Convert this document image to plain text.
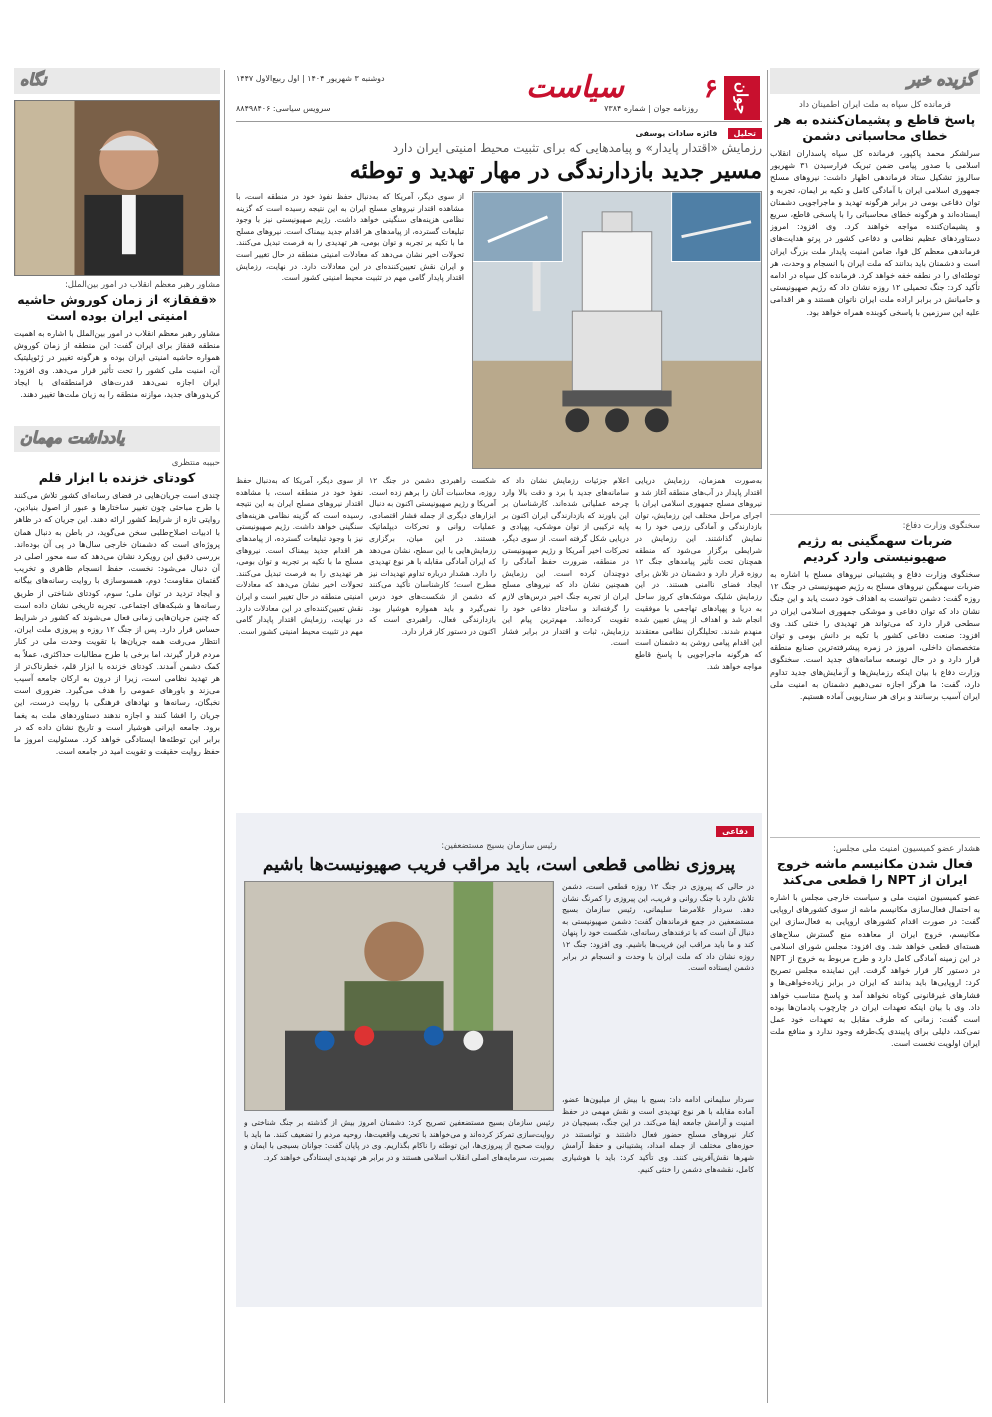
گزیده خبر
فرمانده کل سپاه به ملت ایران اطمینان داد
پاسخ قاطع و پشیمان‌کننده به هر خطای محاسباتی دشمن
سرلشکر محمد پاکپور، فرمانده کل سپاه پاسداران انقلاب اسلامی با صدور پیامی ضمن تبریک فرارسیدن ۳۱ شهریور سالروز تشکیل ستاد فرماندهی اظهار داشت: نیروهای مسلح جمهوری اسلامی ایران با آمادگی کامل و تکیه بر ایمان، تجربه و توان دفاعی بومی در برابر هرگونه تهدید و ماجراجویی دشمنان ایستاده‌اند و هرگونه خطای محاسباتی را با پاسخی قاطع، سریع و پشیمان‌کننده مواجه خواهند کرد. وی افزود: امروز دستاوردهای عظیم نظامی و دفاعی کشور در پرتو هدایت‌های فرماندهی معظم کل قوا، ضامن امنیت پایدار ملت بزرگ ایران است و دشمنان باید بدانند که ملت ایران با انسجام و وحدت، هر توطئه‌ای را در نطفه خفه خواهد کرد. فرمانده کل سپاه در ادامه تأکید کرد: جنگ تحمیلی ۱۲ روزه نشان داد که رژیم صهیونیستی و حامیانش در برابر اراده ملت ایران ناتوان هستند و هر اقدامی علیه این سرزمین با پاسخی کوبنده همراه خواهد بود.
سخنگوی وزارت دفاع:
ضربات سهمگینی به رژیم صهیونیستی وارد کردیم
سخنگوی وزارت دفاع و پشتیبانی نیروهای مسلح با اشاره به ضربات سهمگین نیروهای مسلح به رژیم صهیونیستی در جنگ ۱۲ روزه گفت: دشمن نتوانست به اهداف خود دست یابد و این جنگ نشان داد که توان دفاعی و موشکی جمهوری اسلامی ایران در سطحی قرار دارد که می‌تواند هر تهدیدی را خنثی کند. وی افزود: صنعت دفاعی کشور با تکیه بر دانش بومی و توان متخصصان داخلی، امروز در زمره پیشرفته‌ترین صنایع منطقه قرار دارد و در حال توسعه سامانه‌های جدید است. سخنگوی وزارت دفاع با بیان اینکه رزمایش‌ها و آزمایش‌های جدید تداوم دارد، گفت: ما هرگز اجازه نمی‌دهیم دشمنان به امنیت ملی ایران آسیب برسانند و برای هر سناریویی آماده هستیم.
هشدار عضو کمیسیون امنیت ملی مجلس:
فعال شدن مکانیسم ماشه خروج ایران از NPT را قطعی می‌کند
عضو کمیسیون امنیت ملی و سیاست خارجی مجلس با اشاره به احتمال فعال‌سازی مکانیسم ماشه از سوی کشورهای اروپایی گفت: در صورت اقدام کشورهای اروپایی به فعال‌سازی این مکانیسم، خروج ایران از معاهده منع گسترش سلاح‌های هسته‌ای قطعی خواهد شد. وی افزود: مجلس شورای اسلامی در این زمینه آمادگی کامل دارد و طرح مربوط به خروج از NPT در دستور کار قرار خواهد گرفت. این نماینده مجلس تصریح کرد: اروپایی‌ها باید بدانند که ایران در برابر زیاده‌خواهی‌ها و فشارهای غیرقانونی کوتاه نخواهد آمد و پاسخ متناسب خواهد داد. وی با بیان اینکه تعهدات ایران در چارچوب پادمان‌ها بوده است گفت: زمانی که طرف مقابل به تعهدات خود عمل نمی‌کند، دلیلی برای پایبندی یک‌طرفه وجود ندارد و منافع ملت ایران اولویت نخست است.
جوان
۶
روزنامه جوان | شماره ۷۳۸۴
سیاست
دوشنبه ۳ شهریور ۱۴۰۴ | اول ربیع‌الاول ۱۴۴۷
سرویس سیاسی: ۸۸۴۹۸۴۰۶
تحلیل
فائزه سادات یوسفی
رزمایش «اقتدار پایدار» و پیامدهایی که برای تثبیت محیط امنیتی ایران دارد
مسیر جدید بازدارندگی در مهار تهدید و توطئه
از سوی دیگر، آمریکا که به‌دنبال حفظ نفوذ خود در منطقه است، با مشاهده اقتدار نیروهای مسلح ایران به این نتیجه رسیده است که گزینه نظامی هزینه‌های سنگینی خواهد داشت. رژیم صهیونیستی نیز با وجود تبلیغات گسترده، از پیامدهای هر اقدام جدید بیمناک است. نیروهای مسلح ما با تکیه بر تجربه و توان بومی، هر تهدیدی را به فرصت تبدیل می‌کنند. تحولات اخیر نشان می‌دهد که معادلات امنیتی منطقه در حال تغییر است و ایران نقش تعیین‌کننده‌ای در این معادلات دارد. در نهایت، رزمایش اقتدار پایدار گامی مهم در تثبیت محیط امنیتی کشور است.
به‌صورت همزمان، رزمایش دریایی اقتدار پایدار در آب‌های منطقه آغاز شد و نیروهای مسلح جمهوری اسلامی ایران با اجرای مراحل مختلف این رزمایش، توان بازدارندگی و آمادگی رزمی خود را به نمایش گذاشتند. این رزمایش در شرایطی برگزار می‌شود که منطقه همچنان تحت تأثیر پیامدهای جنگ ۱۲ روزه قرار دارد و دشمنان در تلاش برای ایجاد فضای ناامنی هستند. در این رزمایش شلیک موشک‌های کروز ساحل به دریا و پهپادهای تهاجمی با موفقیت انجام شد و اهداف از پیش تعیین شده منهدم شدند. تحلیلگران نظامی معتقدند این اقدام پیامی روشن به دشمنان است که هرگونه ماجراجویی با پاسخ قاطع مواجه خواهد شد.
اعلام جزئیات رزمایش نشان داد که سامانه‌های جدید با برد و دقت بالا وارد چرخه عملیاتی شده‌اند. کارشناسان بر این باورند که بازدارندگی ایران اکنون بر پایه ترکیبی از توان موشکی، پهپادی و دریایی شکل گرفته است. از سوی دیگر، تحرکات اخیر آمریکا و رژیم صهیونیستی در منطقه، ضرورت حفظ آمادگی را دوچندان کرده است. این رزمایش همچنین نشان داد که نیروهای مسلح ایران از تجربه جنگ اخیر درس‌های لازم را گرفته‌اند و ساختار دفاعی خود را تقویت کرده‌اند. مهم‌ترین پیام این رزمایش، ثبات و اقتدار در برابر فشار است.
شکست راهبردی دشمن در جنگ ۱۲ روزه، محاسبات آنان را برهم زده است. آمریکا و رژیم صهیونیستی اکنون به دنبال ابزارهای دیگری از جمله فشار اقتصادی، عملیات روانی و تحرکات دیپلماتیک هستند. در این میان، برگزاری رزمایش‌هایی با این سطح، نشان می‌دهد که ایران آمادگی مقابله با هر نوع تهدیدی را دارد. هشدار درباره تداوم تهدیدات نیز مطرح است؛ کارشناسان تأکید می‌کنند که دشمن از شکست‌های خود درس نمی‌گیرد و باید همواره هوشیار بود. بازدارندگی فعال، راهبردی است که اکنون در دستور کار قرار دارد.
از سوی دیگر، آمریکا که به‌دنبال حفظ نفوذ خود در منطقه است، با مشاهده اقتدار نیروهای مسلح ایران به این نتیجه رسیده است که گزینه نظامی هزینه‌های سنگینی خواهد داشت. رژیم صهیونیستی نیز با وجود تبلیغات گسترده، از پیامدهای هر اقدام جدید بیمناک است. نیروهای مسلح ما با تکیه بر تجربه و توان بومی، هر تهدیدی را به فرصت تبدیل می‌کنند. تحولات اخیر نشان می‌دهد که معادلات امنیتی منطقه در حال تغییر است و ایران نقش تعیین‌کننده‌ای در این معادلات دارد. در نهایت، رزمایش اقتدار پایدار گامی مهم در تثبیت محیط امنیتی کشور است.
دفاعی
رئیس سازمان بسیج مستضعفین:
پیروزی نظامی قطعی است، باید مراقب فریب صهیونیست‌ها باشیم
در حالی که پیروزی در جنگ ۱۲ روزه قطعی است، دشمن تلاش دارد با جنگ روانی و فریب، این پیروزی را کمرنگ نشان دهد. سردار غلامرضا سلیمانی، رئیس سازمان بسیج مستضعفین در جمع فرماندهان گفت: دشمن صهیونیستی به دنبال آن است که با ترفندهای رسانه‌ای، شکست خود را پنهان کند و ما باید مراقب این فریب‌ها باشیم. وی افزود: جنگ ۱۲ روزه نشان داد که ملت ایران با وحدت و انسجام در برابر دشمن ایستاده است.
سردار سلیمانی ادامه داد: بسیج با بیش از میلیون‌ها عضو، آماده مقابله با هر نوع تهدیدی است و نقش مهمی در حفظ امنیت و آرامش جامعه ایفا می‌کند. در این جنگ، بسیجیان در کنار نیروهای مسلح حضور فعال داشتند و توانستند در حوزه‌های مختلف از جمله امداد، پشتیبانی و حفظ آرامش شهرها نقش‌آفرینی کنند. وی تأکید کرد: باید با هوشیاری کامل، نقشه‌های دشمن را خنثی کنیم.
رئیس سازمان بسیج مستضعفین تصریح کرد: دشمنان امروز بیش از گذشته بر جنگ شناختی و روایت‌سازی تمرکز کرده‌اند و می‌خواهند با تحریف واقعیت‌ها، روحیه مردم را تضعیف کنند. ما باید با روایت صحیح از پیروزی‌ها، این توطئه را ناکام بگذاریم. وی در پایان گفت: جوانان بسیجی با ایمان و بصیرت، سرمایه‌های اصلی انقلاب اسلامی هستند و در برابر هر تهدیدی ایستادگی خواهند کرد.
نگاه
مشاور رهبر معظم انقلاب در امور بین‌الملل:
«قفقاز» از زمان کوروش حاشیه امنیتی ایران بوده است
مشاور رهبر معظم انقلاب در امور بین‌الملل با اشاره به اهمیت منطقه قفقاز برای ایران گفت: این منطقه از زمان کوروش همواره حاشیه امنیتی ایران بوده و هرگونه تغییر در ژئوپلیتیک آن، امنیت ملی کشور را تحت تأثیر قرار می‌دهد. وی افزود: ایران اجازه نمی‌دهد قدرت‌های فرامنطقه‌ای با ایجاد کریدورهای جدید، موازنه منطقه را به زیان ملت‌ها تغییر دهند.
یادداشت مهمان
حبیبه منتظری
کودتای خزنده با ابزار قلم
چندی است جریان‌هایی در فضای رسانه‌ای کشور تلاش می‌کنند با طرح مباحثی چون تغییر ساختارها و عبور از اصول بنیادین، روایتی تازه از شرایط کشور ارائه دهند. این جریان که در ظاهر با ادبیات اصلاح‌طلبی سخن می‌گوید، در باطن به دنبال همان پروژه‌ای است که دشمنان خارجی سال‌ها در پی آن بوده‌اند. بررسی دقیق این رویکرد نشان می‌دهد که سه محور اصلی در آن دنبال می‌شود: نخست، حفظ انسجام ظاهری و تخریب گفتمان مقاومت؛ دوم، همسوسازی با روایت رسانه‌های بیگانه و ایجاد تردید در توان ملی؛ سوم، کودتای شناختی از طریق رسانه‌ها و شبکه‌های اجتماعی. تجربه تاریخی نشان داده است که چنین جریان‌هایی زمانی فعال می‌شوند که کشور در شرایط حساس قرار دارد. پس از جنگ ۱۲ روزه و پیروزی ملت ایران، انتظار می‌رفت همه جریان‌ها با تقویت وحدت ملی در کنار مردم قرار گیرند، اما برخی با طرح مطالبات حداکثری، عملاً به کمک دشمن آمدند. کودتای خزنده با ابزار قلم، خطرناک‌تر از هر تهدید نظامی است، زیرا از درون به ارکان جامعه آسیب می‌زند و باورهای عمومی را هدف می‌گیرد. ضروری است نخبگان، رسانه‌ها و نهادهای فرهنگی با روایت درست، این جریان را افشا کنند و اجازه ندهند دستاوردهای ملت به یغما برود. جامعه ایرانی هوشیار است و تاریخ نشان داده که در برابر این توطئه‌ها ایستادگی خواهد کرد. مسئولیت امروز ما حفظ روایت حقیقت و تقویت امید در جامعه است.
